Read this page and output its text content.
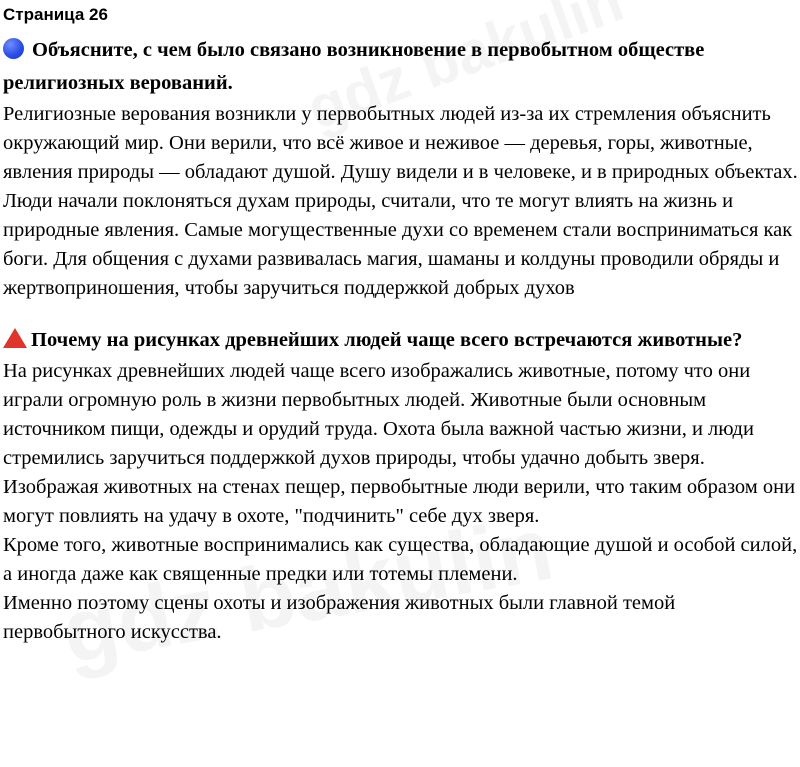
Страница 26

Объясните, с чем было связано возникновение в первобытном обществе религиозных верований.

Религиозные верования возникли у первобытных людей из-за их стремления объяснить окружающий мир. Они верили, что всё живое и неживое — деревья, горы, животные, явления природы — обладают душой. Душу видели и в человеке, и в природных объектах. Люди начали поклоняться духам природы, считали, что те могут влиять на жизнь и природные явления. Самые могущественные духи со временем стали восприниматься как боги. Для общения с духами развивалась магия, шаманы и колдуны проводили обряды и жертвоприношения, чтобы заручиться поддержкой добрых духов

Почему на рисунках древнейших людей чаще всего встречаются животные?

На рисунках древнейших людей чаще всего изображались животные, потому что они играли огромную роль в жизни первобытных людей. Животные были основным источником пищи, одежды и орудий труда. Охота была важной частью жизни, и люди стремились заручиться поддержкой духов природы, чтобы удачно добыть зверя.

Изображая животных на стенах пещер, первобытные люди верили, что таким образом они могут повлиять на удачу в охоте, "подчинить" себе дух зверя.

Кроме того, животные воспринимались как существа, обладающие душой и особой силой, а иногда даже как священные предки или тотемы племени.

Именно поэтому сцены охоты и изображения животных были главной темой первобытного искусства.
